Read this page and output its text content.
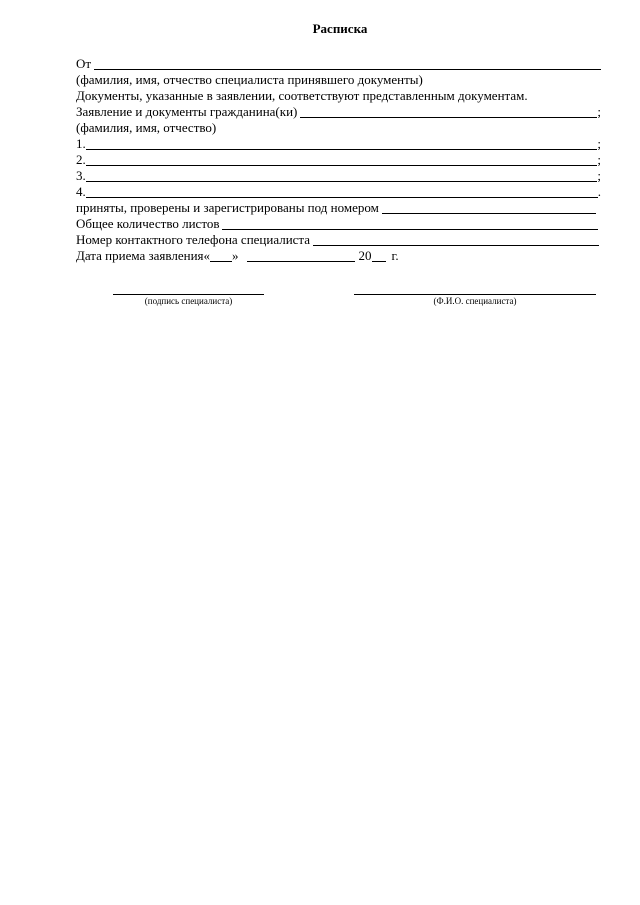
Расписка
От
(фамилия, имя, отчество специалиста принявшего документы)
Документы, указанные в заявлении, соответствуют представленным документам.
Заявление и документы гражданина(ки)	;
(фамилия, имя, отчество)
1.	;
2.	;
3.	;
4.	.
приняты, проверены и зарегистрированы под номером
Общее количество листов
Номер контактного телефона специалиста
Дата приема заявления« »	20 г.
(подпись специалиста)	(Ф.И.О. специалиста)
